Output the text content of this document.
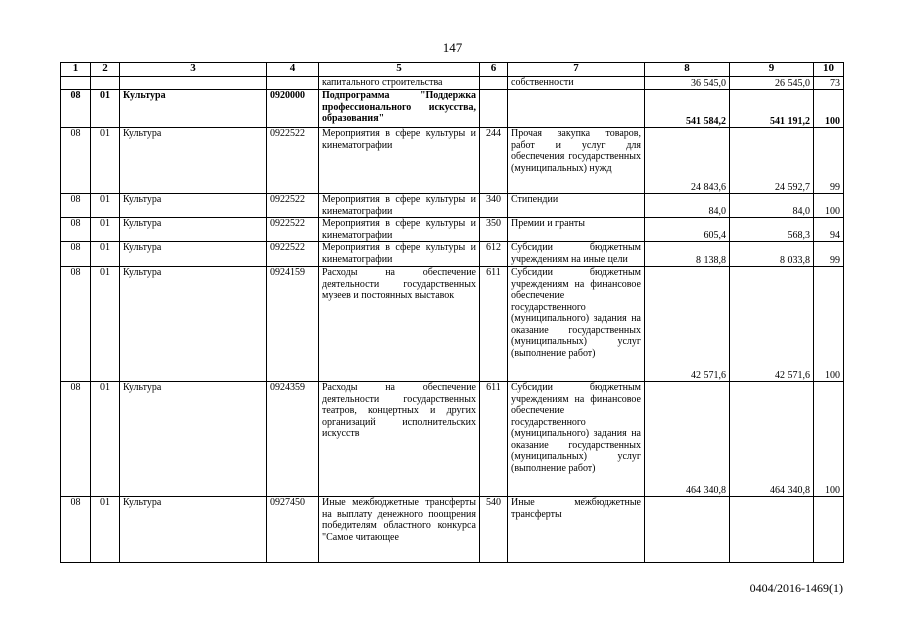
147
1	2	3	4	5	6	7	8	9	10
				капитального строительства		собственности	36 545,0	26 545,0	73
08	01	Культура	0920000	Подпрограмма "Поддержка профессионального искусства, образования"			541 584,2	541 191,2	100
08	01	Культура	0922522	Мероприятия в сфере культуры и кинематографии	244	Прочая закупка товаров, работ и услуг для обеспечения государственных (муниципальных) нужд	24 843,6	24 592,7	99
08	01	Культура	0922522	Мероприятия в сфере культуры и кинематографии	340	Стипендии	84,0	84,0	100
08	01	Культура	0922522	Мероприятия в сфере культуры и кинематографии	350	Премии и гранты	605,4	568,3	94
08	01	Культура	0922522	Мероприятия в сфере культуры и кинематографии	612	Субсидии бюджетным учреждениям на иные цели	8 138,8	8 033,8	99
08	01	Культура	0924159	Расходы на обеспечение деятельности государственных музеев и постоянных выставок	611	Субсидии бюджетным учреждениям на финансовое обеспечение государственного (муниципального) задания на оказание государственных (муниципальных) услуг (выполнение работ)	42 571,6	42 571,6	100
08	01	Культура	0924359	Расходы на обеспечение деятельности государственных театров, концертных и других организаций исполнительских искусств	611	Субсидии бюджетным учреждениям на финансовое обеспечение государственного (муниципального) задания на оказание государственных (муниципальных) услуг (выполнение работ)	464 340,8	464 340,8	100
08	01	Культура	0927450	Иные межбюджетные трансферты на выплату денежного поощрения победителям областного конкурса "Самое читающее	540	Иные межбюджетные трансферты			
0404/2016-1469(1)
